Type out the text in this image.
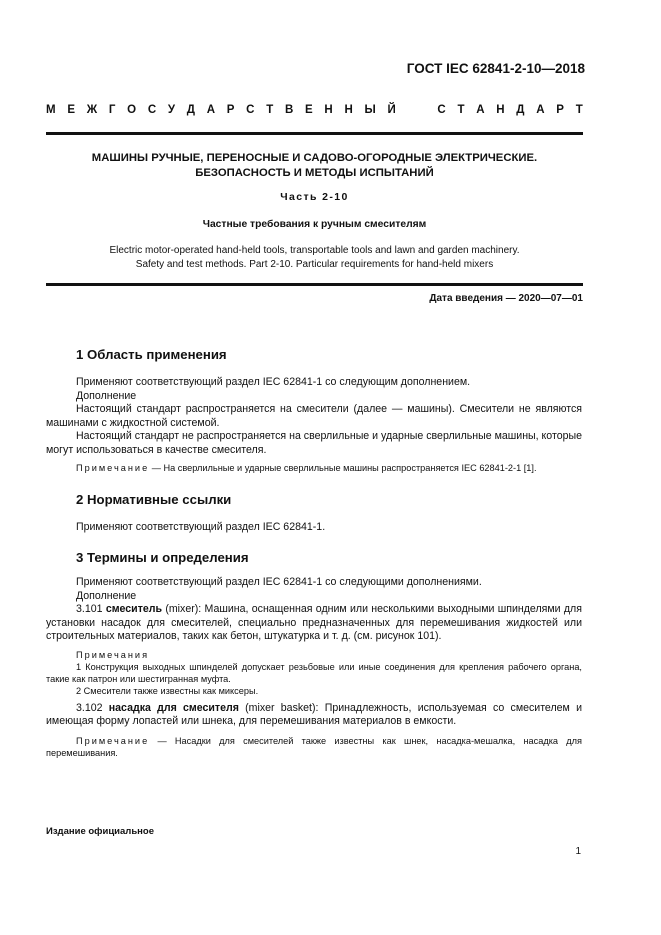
ГОСТ IEC 62841-2-10—2018
М Е Ж Г О С У Д А Р С Т В Е Н Н Ы Й

	С Т А Н Д А Р Т
МАШИНЫ РУЧНЫЕ, ПЕРЕНОСНЫЕ И САДОВО-ОГОРОДНЫЕ ЭЛЕКТРИЧЕСКИЕ.
БЕЗОПАСНОСТЬ И МЕТОДЫ ИСПЫТАНИЙ
Часть 2-10
Частные требования к ручным смесителям
Electric motor-operated hand-held tools, transportable tools and lawn and garden machinery.
Safety and test methods. Part 2-10. Particular requirements for hand-held mixers
Дата введения — 2020—07—01
1 Область применения

Применяют соответствующий раздел IEC 62841-1 со следующим дополнением.

Дополнение

Настоящий стандарт распространяется на смесители (далее — машины). Смесители не являются машинами с жидкостной системой.

Настоящий стандарт не распространяется на сверлильные и ударные сверлильные машины, которые могут использоваться в качестве смесителя.

Примечание — На сверлильные и ударные сверлильные машины распространяется IEC 62841-2-1 [1].

2 Нормативные ссылки

Применяют соответствующий раздел IEC 62841-1.

3 Термины и определения

Применяют соответствующий раздел IEC 62841-1 со следующими дополнениями.

Дополнение

3.101 смеситель (mixer): Машина, оснащенная одним или несколькими выходными шпинделями для установки насадок для смесителей, специально предназначенных для перемешивания жидкостей или строительных материалов, таких как бетон, штукатурка и т. д. (см. рисунок 101).

Примечания

1 Конструкция выходных шпинделей допускает резьбовые или иные соединения для крепления рабочего органа, такие как патрон или шестигранная муфта.

2 Смесители также известны как миксеры.

3.102 насадка для смесителя (mixer basket): Принадлежность, используемая со смесителем и имеющая форму лопастей или шнека, для перемешивания материалов в емкости.

Примечание — Насадки для смесителей также известны как шнек, насадка-мешалка, насадка для перемешивания.

Издание официальное
1
